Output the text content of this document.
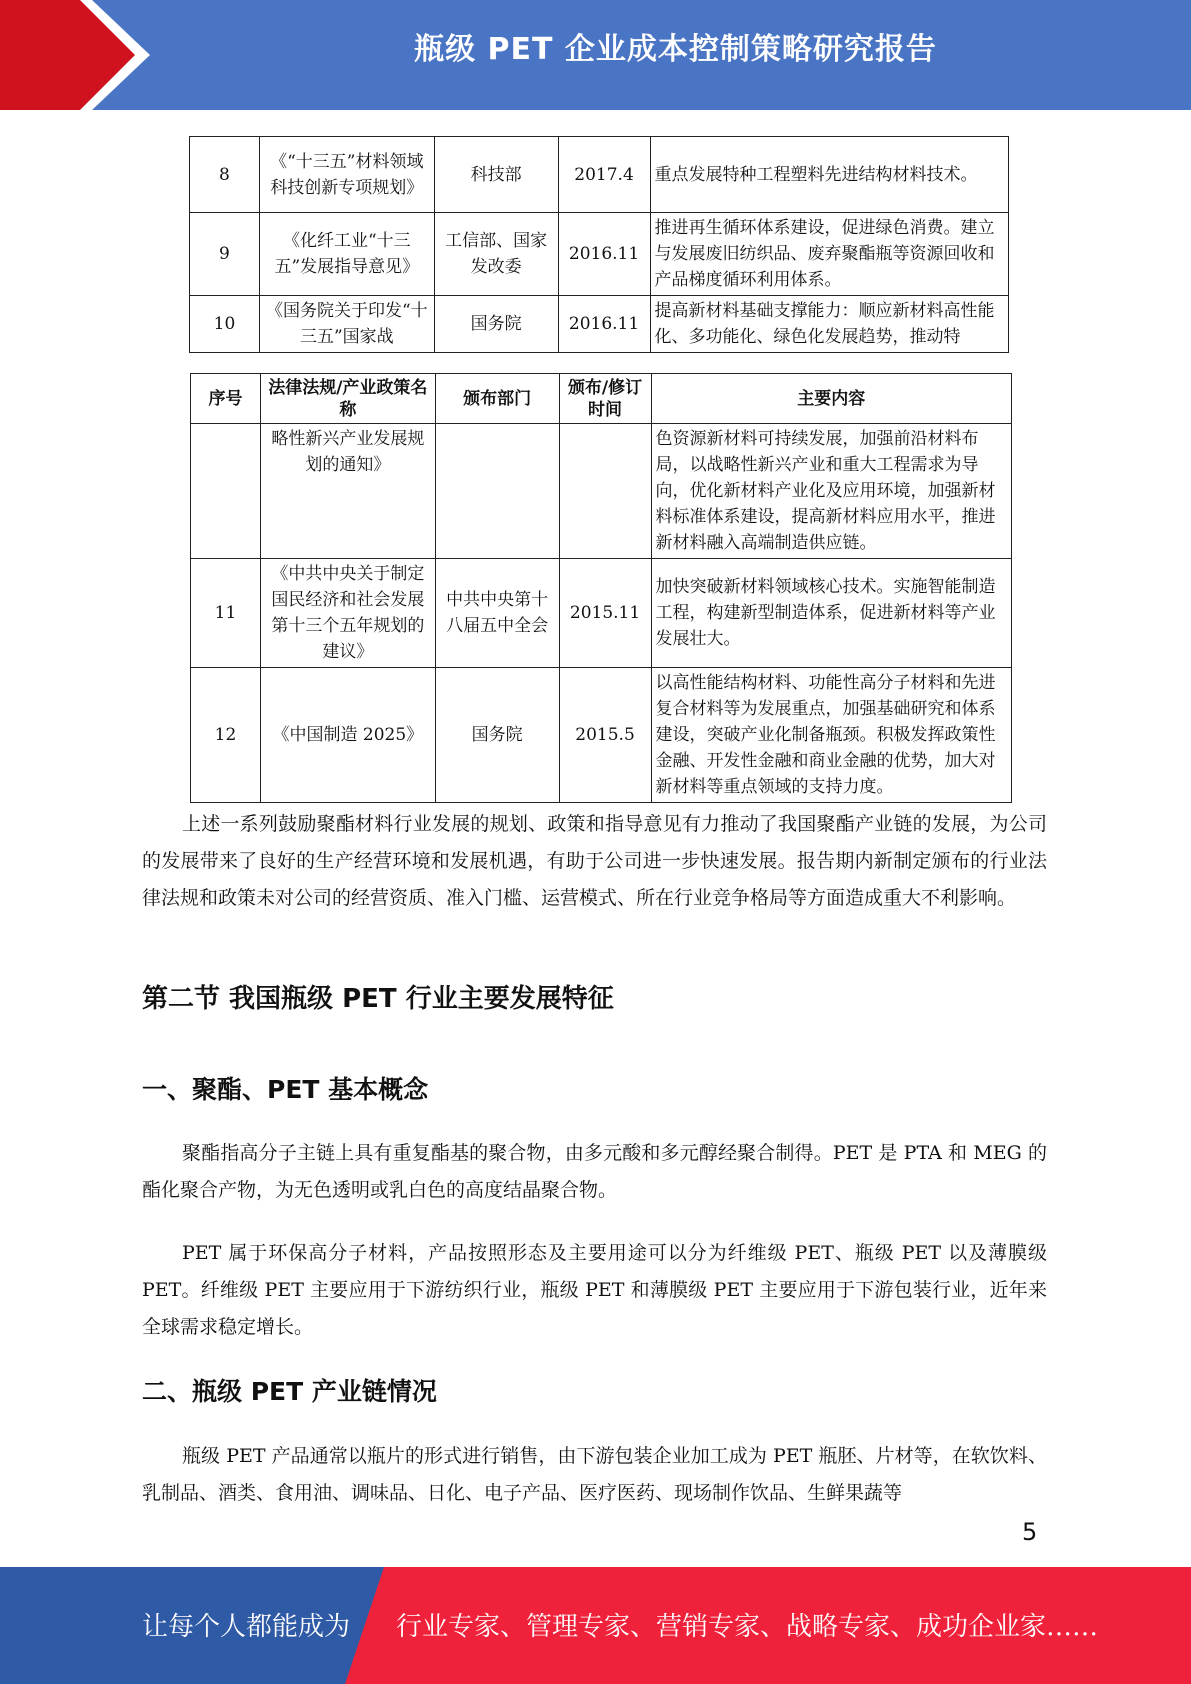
瓶级 PET 企业成本控制策略研究报告
8	《“十三五”材料领域科技创新专项规划》	科技部	2017.4	重点发展特种工程塑料先进结构材料技术。
9	《化纤工业“十三五”发展指导意见》	工信部、国家发改委	2016.11	推进再生循环体系建设，促进绿色消费。建立与发展废旧纺织品、废弃聚酯瓶等资源回收和产品梯度循环利用体系。
10	《国务院关于印发“十三五”国家战	国务院	2016.11	提高新材料基础支撑能力：顺应新材料高性能化、多功能化、绿色化发展趋势，推动特
序号	法律法规/产业政策名称	颁布部门	颁布/修订时间	主要内容
	略性新兴产业发展规划的通知》			色资源新材料可持续发展，加强前沿材料布局，以战略性新兴产业和重大工程需求为导向，优化新材料产业化及应用环境，加强新材料标准体系建设，提高新材料应用水平，推进新材料融入高端制造供应链。
11	《中共中央关于制定国民经济和社会发展第十三个五年规划的建议》	中共中央第十八届五中全会	2015.11	加快突破新材料领域核心技术。实施智能制造工程，构建新型制造体系，促进新材料等产业发展壮大。
12	《中国制造 2025》	国务院	2015.5	以高性能结构材料、功能性高分子材料和先进复合材料等为发展重点，加强基础研究和体系建设，突破产业化制备瓶颈。积极发挥政策性金融、开发性金融和商业金融的优势，加大对新材料等重点领域的支持力度。

上述一系列鼓励聚酯材料行业发展的规划、政策和指导意见有力推动了我国聚酯产业链的发展，为公司的发展带来了良好的生产经营环境和发展机遇，有助于公司进一步快速发展。报告期内新制定颁布的行业法律法规和政策未对公司的经营资质、准入门槛、运营模式、所在行业竞争格局等方面造成重大不利影响。

第二节 我国瓶级 PET 行业主要发展特征
一、聚酯、PET 基本概念

聚酯指高分子主链上具有重复酯基的聚合物，由多元酸和多元醇经聚合制得。PET 是 PTA 和 MEG 的酯化聚合产物，为无色透明或乳白色的高度结晶聚合物。

PET 属于环保高分子材料，产品按照形态及主要用途可以分为纤维级 PET、瓶级 PET 以及薄膜级 PET。纤维级 PET 主要应用于下游纺织行业，瓶级 PET 和薄膜级 PET 主要应用于下游包装行业，近年来全球需求稳定增长。

二、瓶级 PET 产业链情况

瓶级 PET 产品通常以瓶片的形式进行销售，由下游包装企业加工成为 PET 瓶胚、片材等，在软饮料、乳制品、酒类、食用油、调味品、日化、电子产品、医疗医药、现场制作饮品、生鲜果蔬等

5
让每个人都能成为 行业专家、管理专家、营销专家、战略专家、成功企业家……
